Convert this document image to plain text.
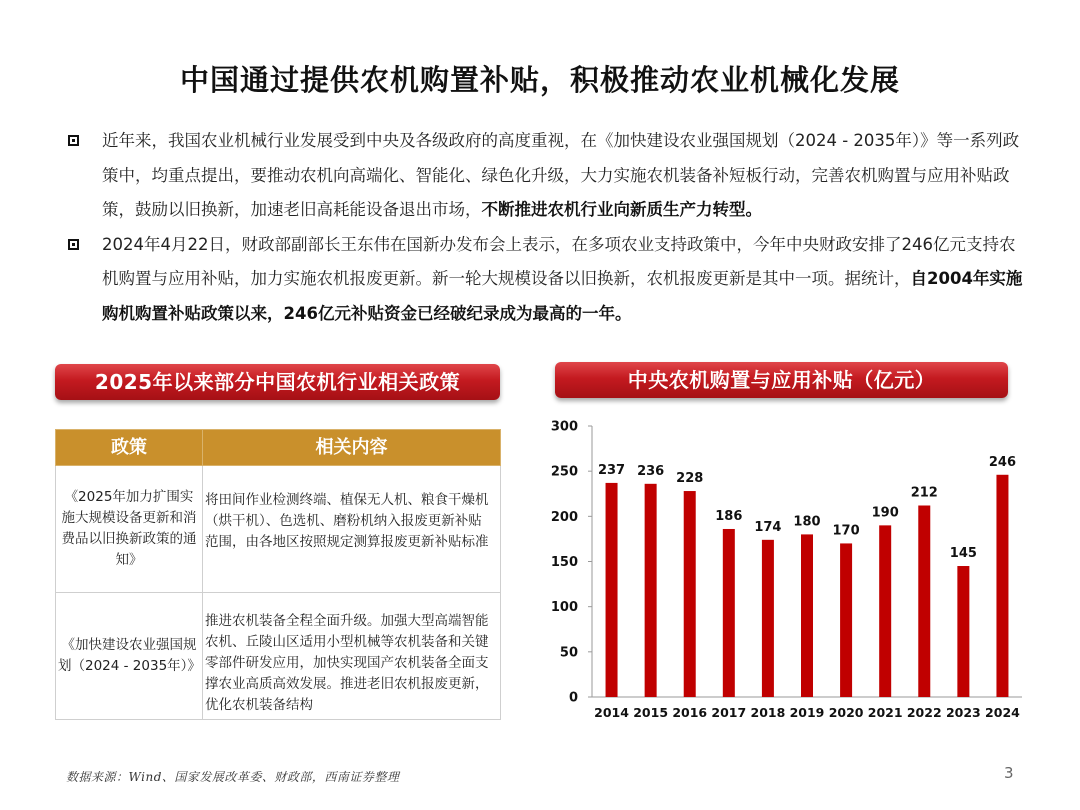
中国通过提供农机购置补贴，积极推动农业机械化发展
近年来，我国农业机械行业发展受到中央及各级政府的高度重视，在《加快建设农业强国规划（2024 - 2035年）》等一系列政策中，均重点提出，要推动农机向高端化、智能化、绿色化升级，大力实施农机装备补短板行动，完善农机购置与应用补贴政策，鼓励以旧换新，加速老旧高耗能设备退出市场，不断推进农机行业向新质生产力转型。
2024年4月22日，财政部副部长王东伟在国新办发布会上表示，在多项农业支持政策中，今年中央财政安排了246亿元支持农机购置与应用补贴，加力实施农机报废更新。新一轮大规模设备以旧换新，农机报废更新是其中一项。据统计，自2004年实施购机购置补贴政策以来，246亿元补贴资金已经破纪录成为最高的一年。
2025年以来部分中国农机行业相关政策
政策	相关内容
《2025年加力扩围实施大规模设备更新和消费品以旧换新政策的通知》	将田间作业检测终端、植保无人机、粮食干燥机（烘干机）、色选机、磨粉机纳入报废更新补贴范围，由各地区按照规定测算报废更新补贴标准
《加快建设农业强国规划（2024 - 2035年）》	推进农机装备全程全面升级。加强大型高端智能农机、丘陵山区适用小型机械等农机装备和关键零部件研发应用，加快实现国产农机装备全面支撑农业高质高效发展。推进老旧农机报废更新，优化农机装备结构
中央农机购置与应用补贴（亿元）
0
50
100
150
200
250
300
237
2014
236
2015
228
2016
186
2017
174
2018
180
2019
170
2020
190
2021
212
2022
145
2023
246
2024
数据来源：Wind、国家发展改革委、财政部，西南证券整理	3
